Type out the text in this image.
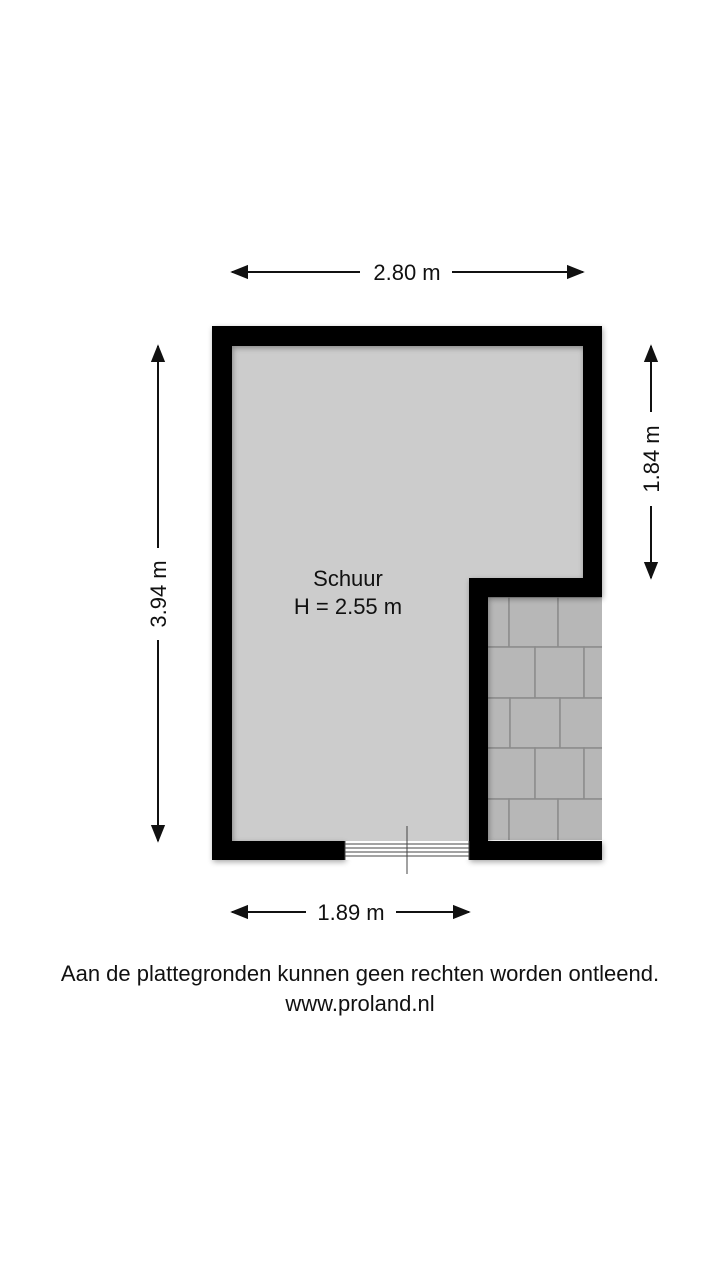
2.80 m
3.94 m
1.84 m
1.89 m
Schuur
H = 2.55 m
Aan de plattegronden kunnen geen rechten worden ontleend.
www.proland.nl
